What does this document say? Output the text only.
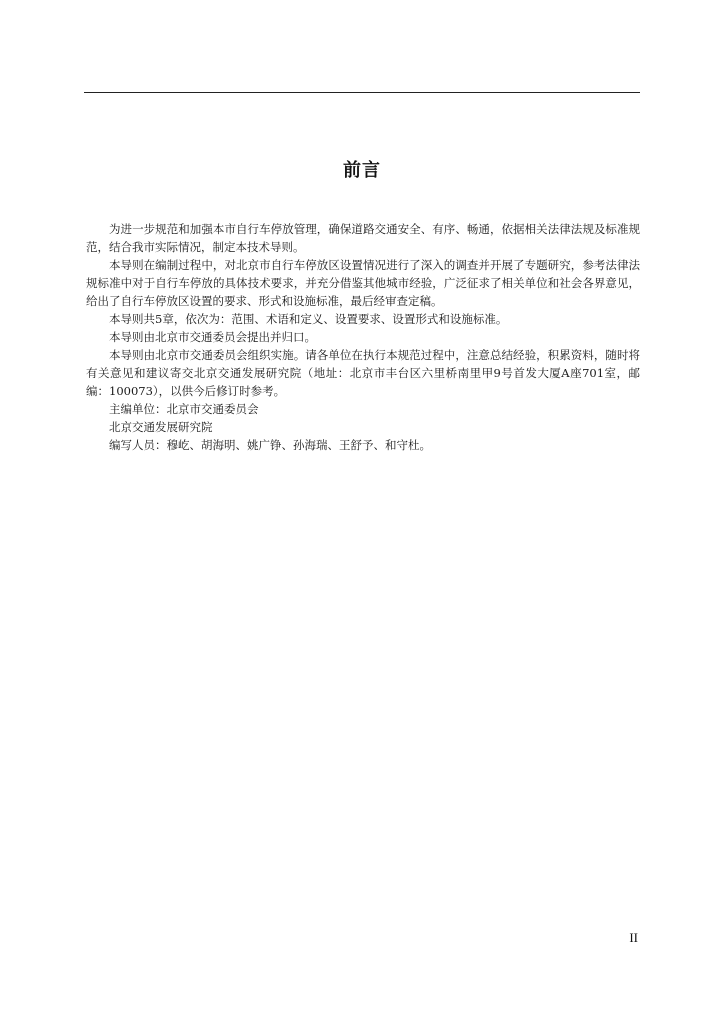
前言

为进一步规范和加强本市自行车停放管理，确保道路交通安全、有序、畅通，依据相关法律法规及标准规范，结合我市实际情况，制定本技术导则。

本导则在编制过程中，对北京市自行车停放区设置情况进行了深入的调查并开展了专题研究，参考法律法规标准中对于自行车停放的具体技术要求，并充分借鉴其他城市经验，广泛征求了相关单位和社会各界意见，给出了自行车停放区设置的要求、形式和设施标准，最后经审查定稿。

本导则共5章，依次为：范围、术语和定义、设置要求、设置形式和设施标准。

本导则由北京市交通委员会提出并归口。

本导则由北京市交通委员会组织实施。请各单位在执行本规范过程中，注意总结经验，积累资料，随时将有关意见和建议寄交北京交通发展研究院（地址：北京市丰台区六里桥南里甲9号首发大厦A座701室，邮编：100073），以供今后修订时参考。

主编单位：北京市交通委员会

北京交通发展研究院

编写人员：穆屹、胡海明、姚广铮、孙海瑞、王舒予、和守杜。

II
